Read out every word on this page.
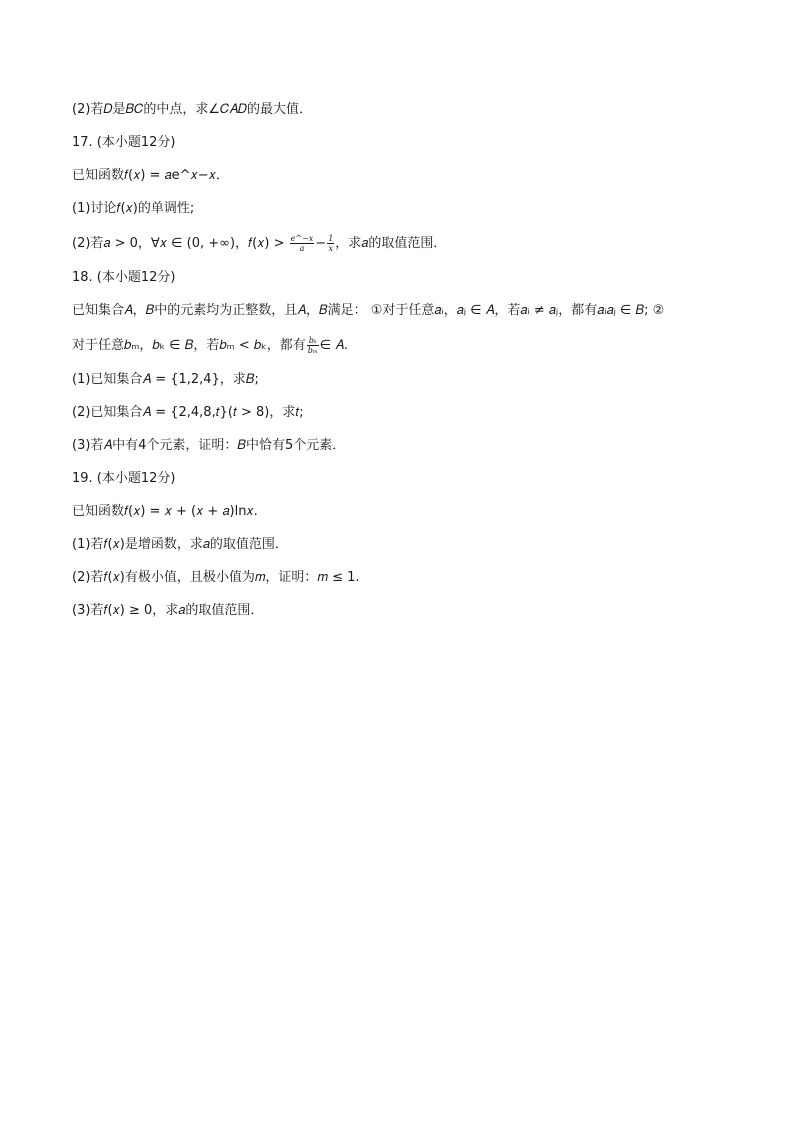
(2)若𝐷是𝐵𝐶的中点，求∠𝐶𝐴𝐷的最大值．
17. (本小题12分)
已知函数𝑓(𝑥) = 𝑎e^𝑥−𝑥．
(1)讨论𝑓(𝑥)的单调性;
(2)若𝑎 > 0，∀𝑥 ∈ (0, +∞)，𝑓(𝑥) > $\frac{e\^{}-x}{a} - \frac{1}{x}$ ，求𝑎的取值范围．
18. (本小题12分)
已知集合𝐴，𝐵中的元素均为正整数，且𝐴，𝐵满足： ①对于任意𝑎ᵢ，𝑎ⱼ ∈ 𝐴，若𝑎ᵢ ≠ 𝑎ⱼ，都有𝑎ᵢ𝑎ⱼ ∈ 𝐵; ②
对于任意𝑏ₘ，𝑏ₖ ∈ 𝐵，若𝑏ₘ < 𝑏ₖ，都有 $\frac{\text{bₖ}}{\text{bₘ}}$ ∈ 𝐴.
(1)已知集合𝐴 = {1,2,4}，求𝐵;
(2)已知集合𝐴 = {2,4,8,𝑡}(𝑡 > 8)，求𝑡;
(3)若𝐴中有4个元素，证明：𝐵中恰有5个元素．
19. (本小题12分)
已知函数𝑓(𝑥) = 𝑥 + (𝑥 + 𝑎)ln𝑥.
(1)若𝑓(𝑥)是增函数，求𝑎的取值范围．
(2)若𝑓(𝑥)有极小值，且极小值为𝑚，证明：𝑚 ≤ 1.
(3)若𝑓(𝑥) ≥ 0，求𝑎的取值范围．
